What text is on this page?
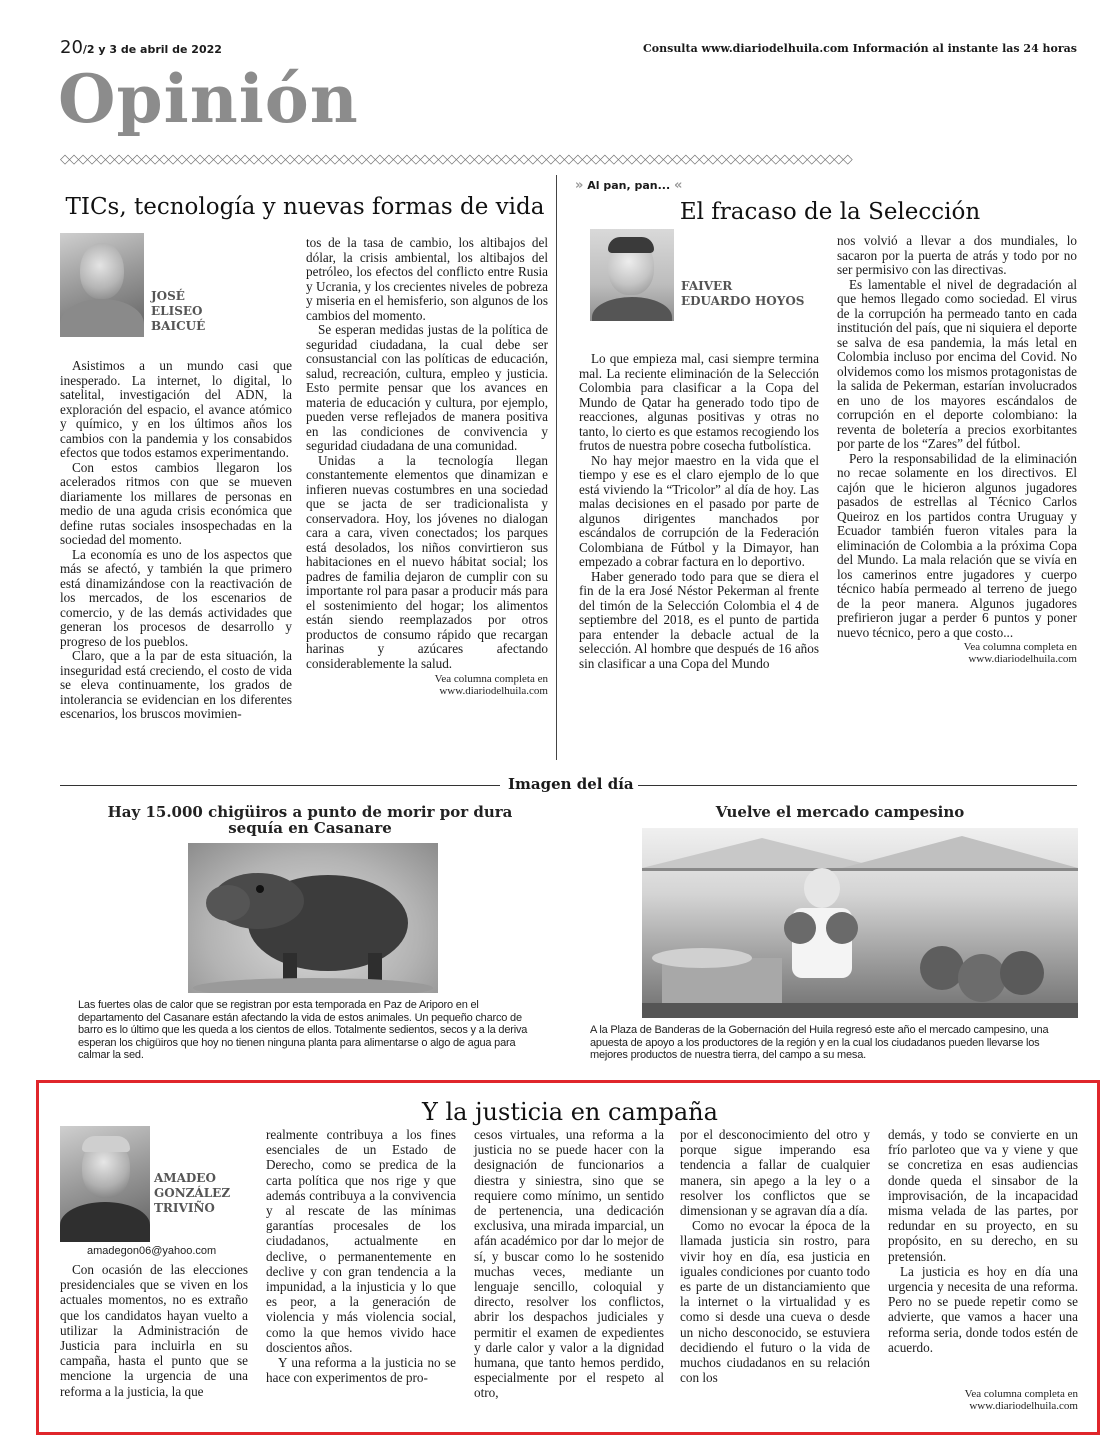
20/2 y 3 de abril de 2022	Consulta www.diariodelhuila.com Información al instante las 24 horas
Opinión
◇◇◇◇◇◇◇◇◇◇◇◇◇◇◇◇◇◇◇◇◇◇◇◇◇◇◇◇◇◇◇◇◇◇◇◇◇◇◇◇◇◇◇◇◇◇◇◇◇◇◇◇◇◇◇◇◇◇◇◇◇◇◇◇◇◇◇◇◇◇◇◇◇◇◇◇◇◇◇◇◇◇◇◇◇◇◇◇
TICs, tecnología y nuevas formas de vida
JOSÉ
ELISEO
BAICUÉ

Asistimos a un mundo casi que inesperado. La internet, lo digital, lo satelital, investigación del ADN, la exploración del espacio, el avance atómico y químico, y en los últimos años los cambios con la pandemia y los consabidos efectos que todos estamos experimentando.

Con estos cambios llegaron los acelerados ritmos con que se mueven diariamente los millares de personas en medio de una aguda crisis económica que define rutas sociales insospechadas en la sociedad del momento.

La economía es uno de los aspectos que más se afectó, y también la que primero está dinamizándose con la reactivación de los mercados, de los escenarios de comercio, y de las demás actividades que generan los procesos de desarrollo y progreso de los pueblos.

Claro, que a la par de esta situación, la inseguridad está creciendo, el costo de vida se eleva continuamente, los grados de intolerancia se evidencian en los diferentes escenarios, los bruscos movimien-

tos de la tasa de cambio, los altibajos del dólar, la crisis ambiental, los altibajos del petróleo, los efectos del conflicto entre Rusia y Ucrania, y los crecientes niveles de pobreza y miseria en el hemisferio, son algunos de los cambios del momento.

Se esperan medidas justas de la política de seguridad ciudadana, la cual debe ser consustancial con las políticas de educación, salud, recreación, cultura, empleo y justicia. Esto permite pensar que los avances en materia de educación y cultura, por ejemplo, pueden verse reflejados de manera positiva en las condiciones de convivencia y seguridad ciudadana de una comunidad.

Unidas a la tecnología llegan constantemente elementos que dinamizan e infieren nuevas costumbres en una sociedad que se jacta de ser tradicionalista y conservadora. Hoy, los jóvenes no dialogan cara a cara, viven conectados; los parques está desolados, los niños convirtieron sus habitaciones en el nuevo hábitat social; los padres de familia dejaron de cumplir con su importante rol para pasar a producir más para el sostenimiento del hogar; los alimentos están siendo reemplazados por otros productos de consumo rápido que recargan harinas y azúcares afectando considerablemente la salud.

Vea columna completa en
www.diariodelhuila.com
» Al pan, pan... «
El fracaso de la Selección
FAIVER
EDUARDO HOYOS

Lo que empieza mal, casi siempre termina mal. La reciente eliminación de la Selección Colombia para clasificar a la Copa del Mundo de Qatar ha generado todo tipo de reacciones, algunas positivas y otras no tanto, lo cierto es que estamos recogiendo los frutos de nuestra pobre cosecha futbolística.

No hay mejor maestro en la vida que el tiempo y ese es el claro ejemplo de lo que está viviendo la “Tricolor” al día de hoy. Las malas decisiones en el pasado por parte de algunos dirigentes manchados por escándalos de corrupción de la Federación Colombiana de Fútbol y la Dimayor, han empezado a cobrar factura en lo deportivo.

Haber generado todo para que se diera el fin de la era José Néstor Pekerman al frente del timón de la Selección Colombia el 4 de septiembre del 2018, es el punto de partida para entender la debacle actual de la selección. Al hombre que después de 16 años sin clasificar a una Copa del Mundo

nos volvió a llevar a dos mundiales, lo sacaron por la puerta de atrás y todo por no ser permisivo con las directivas.

Es lamentable el nivel de degradación al que hemos llegado como sociedad. El virus de la corrupción ha permeado tanto en cada institución del país, que ni siquiera el deporte se salva de esa pandemia, la más letal en Colombia incluso por encima del Covid. No olvidemos como los mismos protagonistas de la salida de Pekerman, estarían involucrados en uno de los mayores escándalos de corrupción en el deporte colombiano: la reventa de boletería a precios exorbitantes por parte de los “Zares” del fútbol.

Pero la responsabilidad de la eliminación no recae solamente en los directivos. El cajón que le hicieron algunos jugadores pasados de estrellas al Técnico Carlos Queiroz en los partidos contra Uruguay y Ecuador también fueron vitales para la eliminación de Colombia a la próxima Copa del Mundo. La mala relación que se vivía en los camerinos entre jugadores y cuerpo técnico había permeado al terreno de juego de la peor manera. Algunos jugadores prefirieron jugar a perder 6 puntos y poner nuevo técnico, pero a que costo...

Vea columna completa en
www.diariodelhuila.com
Imagen del día
Hay 15.000 chigüiros a punto de morir por dura sequía en Casanare
Las fuertes olas de calor que se registran por esta temporada en Paz de Ariporo en el departamento del Casanare están afectando la vida de estos animales. Un pequeño charco de barro es lo último que les queda a los cientos de ellos. Totalmente sedientos, secos y a la deriva esperan los chigüiros que hoy no tienen ninguna planta para alimentarse o algo de agua para calmar la sed.
Vuelve el mercado campesino
A la Plaza de Banderas de la Gobernación del Huila regresó este año el mercado campesino, una apuesta de apoyo a los productores de la región y en la cual los ciudadanos pueden llevarse los mejores productos de nuestra tierra, del campo a su mesa.
Y la justicia en campaña
AMADEO
GONZÁLEZ
TRIVIÑO
amadegon06@yahoo.com

Con ocasión de las elecciones presidenciales que se viven en los actuales momentos, no es extraño que los candidatos hayan vuelto a utilizar la Administración de Justicia para incluirla en su campaña, hasta el punto que se mencione la urgencia de una reforma a la justicia, la que

realmente contribuya a los fines esenciales de un Estado de Derecho, como se predica de la carta política que nos rige y que además contribuya a la convivencia y al rescate de las mínimas garantías procesales de los ciudadanos, actualmente en declive, o permanentemente en declive y con gran tendencia a la impunidad, a la injusticia y lo que es peor, a la generación de violencia y más violencia social, como la que hemos vivido hace doscientos años.

Y una reforma a la justicia no se hace con experimentos de pro-

cesos virtuales, una reforma a la justicia no se puede hacer con la designación de funcionarios a diestra y siniestra, sino que se requiere como mínimo, un sentido de pertenencia, una dedicación exclusiva, una mirada imparcial, un afán académico por dar lo mejor de sí, y buscar como lo he sostenido muchas veces, mediante un lenguaje sencillo, coloquial y directo, resolver los conflictos, abrir los despachos judiciales y permitir el examen de expedientes y darle calor y valor a la dignidad humana, que tanto hemos perdido, especialmente por el respeto al otro,

por el desconocimiento del otro y porque sigue imperando esa tendencia a fallar de cualquier manera, sin apego a la ley o a resolver los conflictos que se dimensionan y se agravan día a día.

Como no evocar la época de la llamada justicia sin rostro, para vivir hoy en día, esa justicia en iguales condiciones por cuanto todo es parte de un distanciamiento que la internet o la virtualidad y es como si desde una cueva o desde un nicho desconocido, se estuviera decidiendo el futuro o la vida de muchos ciudadanos en su relación con los

demás, y todo se convierte en un frío parloteo que va y viene y que se concretiza en esas audiencias donde queda el sinsabor de la improvisación, de la incapacidad misma velada de las partes, por redundar en su proyecto, en su propósito, en su derecho, en su pretensión.

La justicia es hoy en día una urgencia y necesita de una reforma. Pero no se puede repetir como se advierte, que vamos a hacer una reforma seria, donde todos estén de acuerdo.

Vea columna completa en
www.diariodelhuila.com
